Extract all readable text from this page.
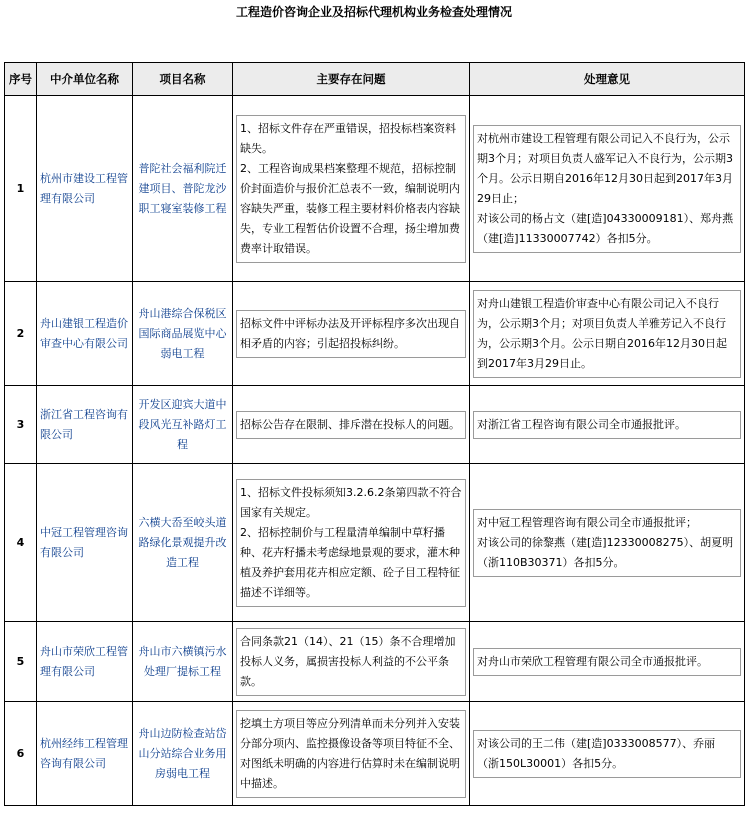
工程造价咨询企业及招标代理机构业务检查处理情况
序号	中介单位名称	项目名称	主要存在问题	处理意见
1	杭州市建设工程管理有限公司	普陀社会福利院迁建项目、普陀龙沙职工寝室装修工程	1、招标文件存在严重错误，招投标档案资料缺失。
2、工程咨询成果档案整理不规范，招标控制价封面造价与报价汇总表不一致，编制说明内容缺失严重，装修工程主要材料价格表内容缺失，专业工程暂估价设置不合理，扬尘增加费费率计取错误。	对杭州市建设工程管理有限公司记入不良行为，公示期3个月；对项目负责人盛军记入不良行为，公示期3个月。公示日期自2016年12月30日起到2017年3月29日止；
对该公司的杨占文（建[造]04330009181）、郑舟燕（建[造]11330007742）各扣5分。

2	舟山建银工程造价审查中心有限公司	舟山港综合保税区国际商品展览中心弱电工程	招标文件中评标办法及开评标程序多次出现自相矛盾的内容；引起招投标纠纷。	对舟山建银工程造价审查中心有限公司记入不良行为，公示期3个月；对项目负责人羊雅芳记入不良行为，公示期3个月。公示日期自2016年12月30日起到2017年3月29日止。

3	浙江省工程咨询有限公司	开发区迎宾大道中段风光互补路灯工程	招标公告存在限制、排斥潜在投标人的问题。	对浙江省工程咨询有限公司全市通报批评。

4	中冠工程管理咨询有限公司	六横大岙至峧头道路绿化景观提升改造工程	1、招标文件投标须知3.2.6.2条第四款不符合国家有关规定。
2、招标控制价与工程量清单编制中草籽播种、花卉籽播未考虑绿地景观的要求，灌木种植及养护套用花卉相应定额、砼子目工程特征描述不详细等。	对中冠工程管理咨询有限公司全市通报批评；
对该公司的徐黎燕（建[造]12330008275）、胡夏明（浙110B30371）各扣5分。

5	舟山市荣欣工程管理有限公司	舟山市六横镇污水处理厂提标工程	合同条款21（14）、21（15）条不合理增加投标人义务，属损害投标人利益的不公平条款。	对舟山市荣欣工程管理有限公司全市通报批评。

6	杭州经纬工程管理咨询有限公司	舟山边防检查站岱山分站综合业务用房弱电工程	挖填土方项目等应分列清单而未分列并入安装分部分项内、监控摄像设备等项目特征不全、对图纸未明确的内容进行估算时未在编制说明中描述。	对该公司的王二伟（建[造]0333008577）、乔丽（浙150L30001）各扣5分。
